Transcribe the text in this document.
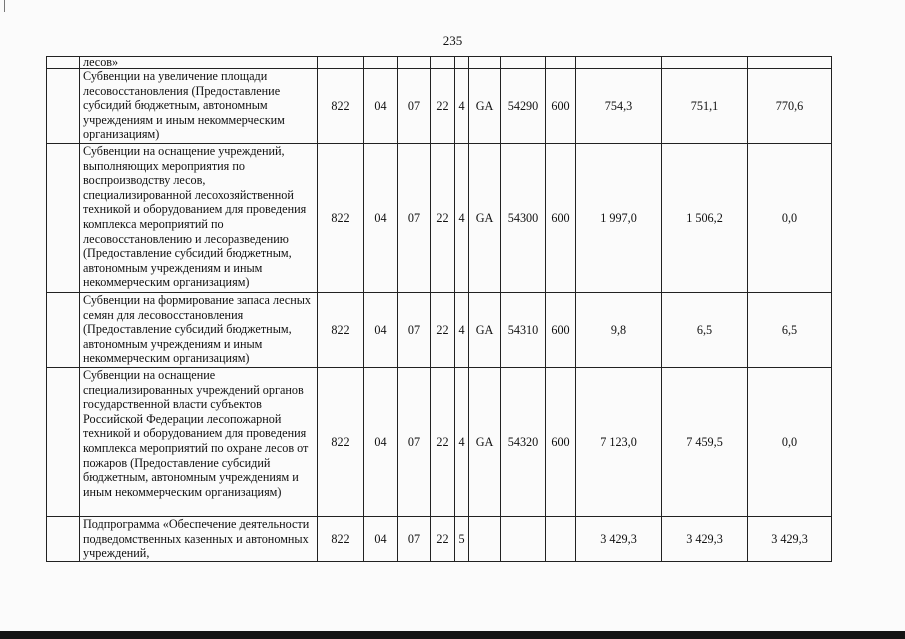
235
	лесов»											
	Субвенции на увеличение площади лесовосстановления (Предоставление субсидий бюджетным, автономным учреждениям и иным некоммерческим организациям)	822	04	07	22	4	GA	54290	600	754,3	751,1	770,6
	Субвенции на оснащение учреждений, выполняющих мероприятия по воспроизводству лесов, специализированной лесохозяйственной техникой и оборудованием для проведения комплекса мероприятий по лесовосстановлению и лесоразведению (Предоставление субсидий бюджетным, автономным учреждениям и иным некоммерческим организациям)	822	04	07	22	4	GA	54300	600	1 997,0	1 506,2	0,0
	Субвенции на формирование запаса лесных семян для лесовосстановления (Предоставление субсидий бюджетным, автономным учреждениям и иным некоммерческим организациям)	822	04	07	22	4	GA	54310	600	9,8	6,5	6,5
	Субвенции на оснащение специализированных учреждений органов государственной власти субъектов Российской Федерации лесопожарной техникой и оборудованием для проведения комплекса мероприятий по охране лесов от пожаров (Предоставление субсидий бюджетным, автономным учреждениям и иным некоммерческим организациям)	822	04	07	22	4	GA	54320	600	7 123,0	7 459,5	0,0
	Подпрограмма «Обеспечение деятельности подведомственных казенных и автономных учреждений,	822	04	07	22	5				3 429,3	3 429,3	3 429,3
